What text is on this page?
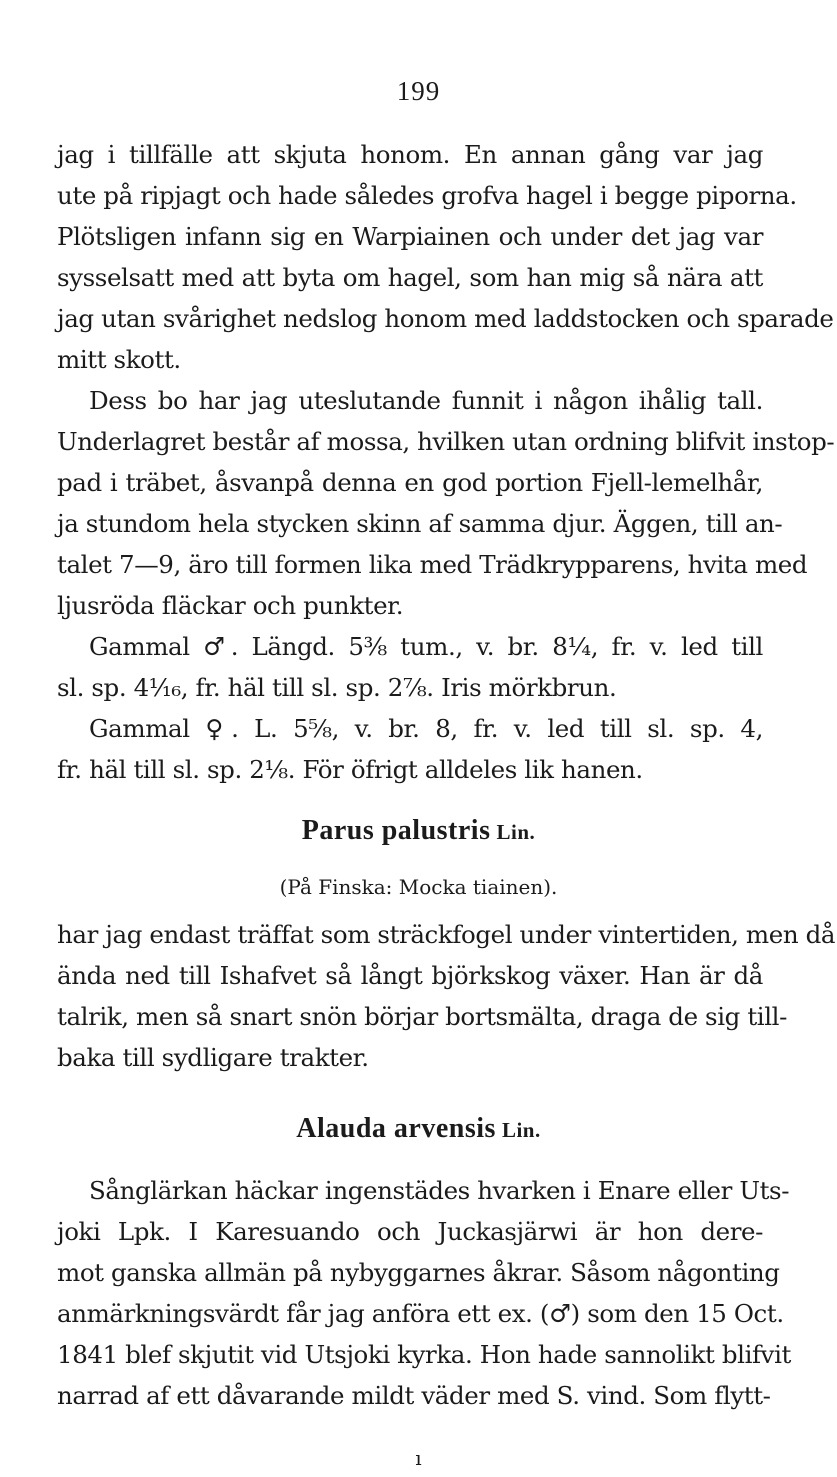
199
jag i tillfälle att skjuta honom. En annan gång var jag
ute på ripjagt och hade således grofva hagel i begge piporna.
Plötsligen infann sig en Warpiainen och under det jag var
sysselsatt med att byta om hagel, som han mig så nära att
jag utan svårighet nedslog honom med laddstocken och sparade
mitt skott.
Dess bo har jag uteslutande funnit i någon ihålig tall.
Underlagret består af mossa, hvilken utan ordning blifvit instop-
pad i träbet, åsvanpå denna en god portion Fjell-lemelhår,
ja stundom hela stycken skinn af samma djur. Äggen, till an-
talet 7—9, äro till formen lika med Trädkrypparens, hvita med
ljusröda fläckar och punkter.
Gammal ♂. Längd. 5⅜ tum., v. br. 8¼, fr. v. led till
sl. sp. 4¹⁄₁₆, fr. häl till sl. sp. 2⅞. Iris mörkbrun.
Gammal ♀. L. 5⅝, v. br. 8, fr. v. led till sl. sp. 4,
fr. häl till sl. sp. 2⅛. För öfrigt alldeles lik hanen.
Parus palustris Lin.
(På Finska: Mocka tiainen).
har jag endast träffat som sträckfogel under vintertiden, men då
ända ned till Ishafvet så långt björkskog växer. Han är då
talrik, men så snart snön börjar bortsmälta, draga de sig till-
baka till sydligare trakter.
Alauda arvensis Lin.
Sånglärkan häckar ingenstädes hvarken i Enare eller Uts-
joki Lpk. I Karesuando och Juckasjärwi är hon dere-
mot ganska allmän på nybyggarnes åkrar. Såsom någonting
anmärkningsvärdt får jag anföra ett ex. (♂) som den 15 Oct.
1841 blef skjutit vid Utsjoki kyrka. Hon hade sannolikt blifvit
narrad af ett dåvarande mildt väder med S. vind. Som flytt-
ı
